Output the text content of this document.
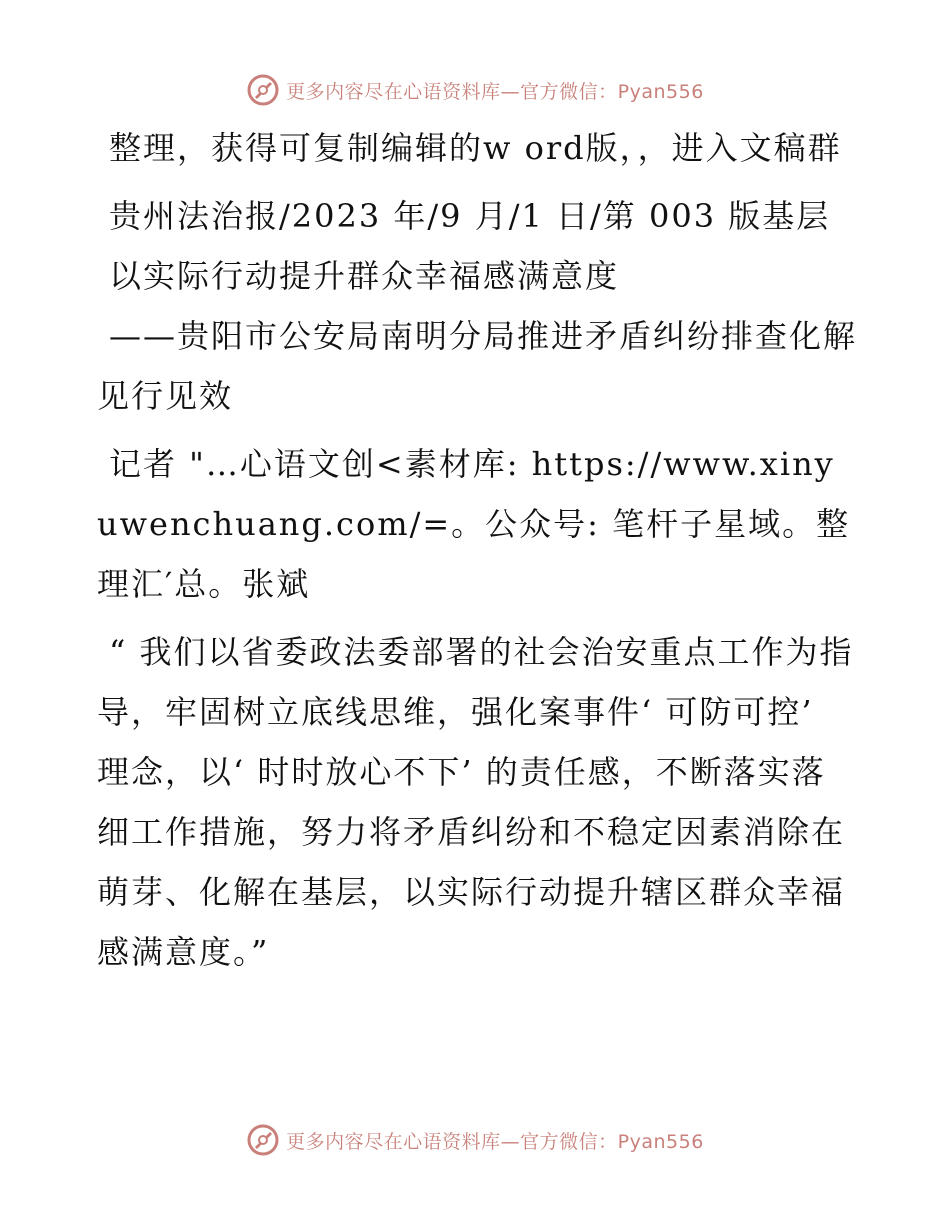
更多内容尽在心语资料库—官方微信：Pyan556

整理，获得可复制编辑的w ord版，，进入文稿群

贵州法治报/2023 年/9 月/1 日/第 003 版基层

以实际行动提升群众幸福感满意度

——贵阳市公安局南明分局推进矛盾纠纷排查化解见行见效

记者 "…心语文创<素材库: https://www.xinyuwenchuang.com/=。公众号: 笔杆子星域。整理汇′总。张斌

“ 我们以省委政法委部署的社会治安重点工作为指导，牢固树立底线思维，强化案事件‘ 可防可控’ 理念，以‘ 时时放心不下’ 的责任感，不断落实落细工作措施，努力将矛盾纠纷和不稳定因素消除在萌芽、化解在基层，以实际行动提升辖区群众幸福感满意度。”

更多内容尽在心语资料库—官方微信：Pyan556
